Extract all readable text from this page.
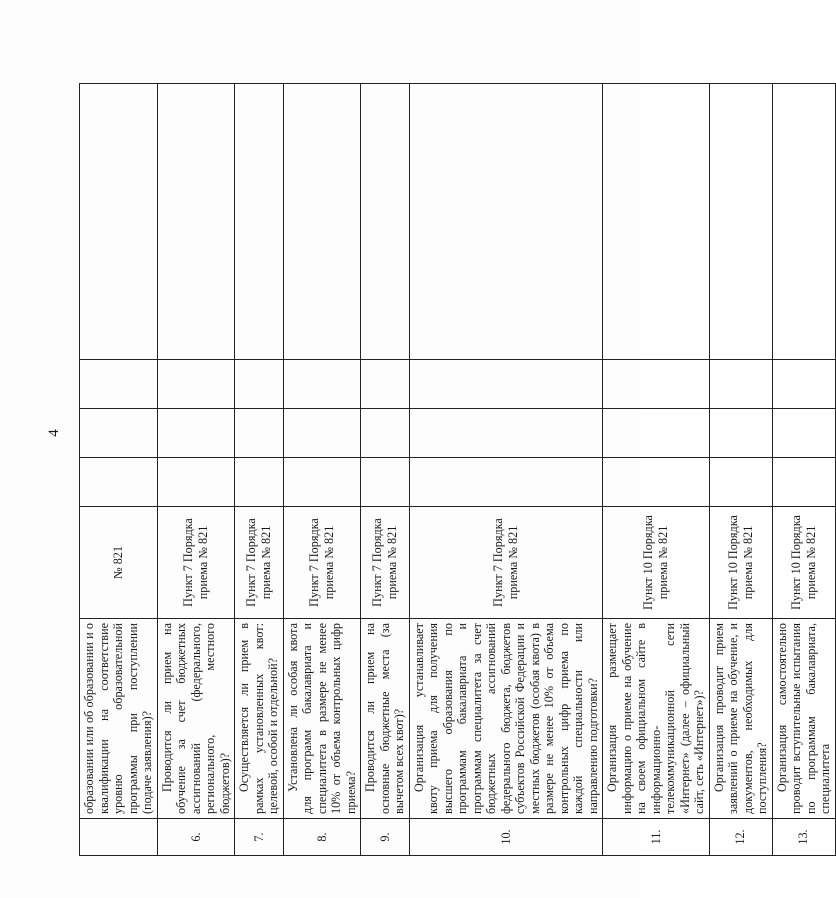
4
	образовании или об образовании и о квалификации на соответствие уровню образовательной программы при поступлении (подаче заявления)?	№ 821				
6.	Проводится ли прием на обучение за счет бюджетных ассигнований (федерального, регионального, местного бюджетов)?	Пункт 7 Порядка приема № 821				
7.	Осуществляется ли прием в рамках установленных квот: целевой, особой и отдельной?	Пункт 7 Порядка приема № 821				
8.	Установлена ли особая квота для программ бакалавриата и специалитета в размере не менее 10% от объема контрольных цифр приема?	Пункт 7 Порядка приема № 821				
9.	Проводится ли прием на основные бюджетные места (за вычетом всех квот)?	Пункт 7 Порядка приема № 821				
10.	Организация устанавливает квоту приема для получения высшего образования по программам бакалавриата и программам специалитета за счет бюджетных ассигнований федерального бюджета, бюджетов субъектов Российской Федерации и местных бюджетов (особая квота) в размере не менее 10% от объема контрольных цифр приема по каждой специальности или направлению подготовки?	Пункт 7 Порядка приема № 821				
11.	Организация размещает информацию о приеме на обучение на своем официальном сайте в информационно-телекоммуникационной сети «Интернет» (далее – официальный сайт, сеть «Интернет»)?	Пункт 10 Порядка приема № 821				
12.	Организация проводит прием заявлений о приеме на обучение, и документов, необходимых для поступления?	Пункт 10 Порядка приема № 821				
13.	Организация самостоятельно проводит вступительные испытания по программам бакалавриата, специалитета	Пункт 10 Порядка приема № 821				
